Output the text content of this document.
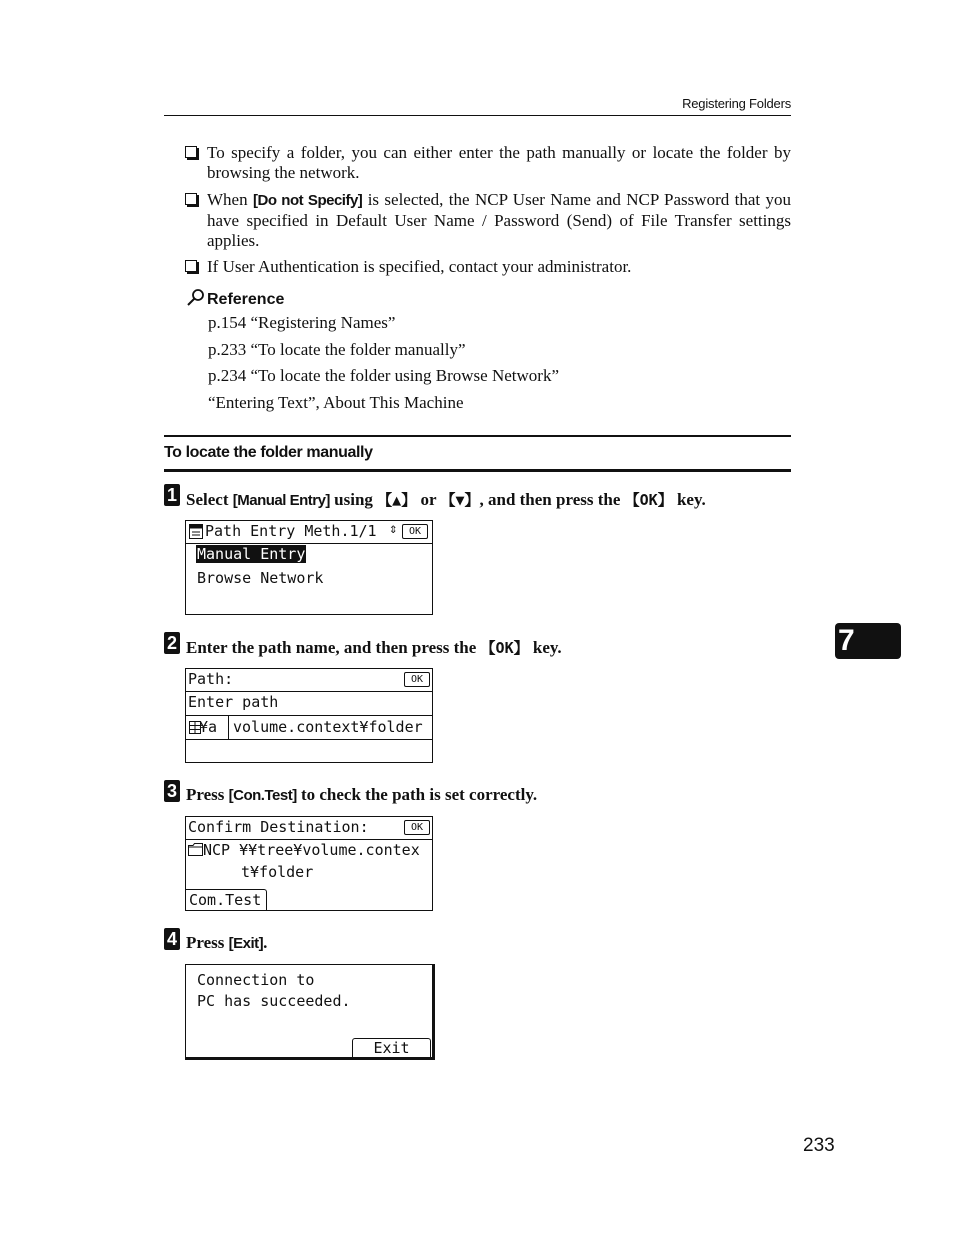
Registering Folders
To specify a folder, you can either enter the path manually or locate the folder by browsing the network.
When [Do not Specify] is selected, the NCP User Name and NCP Password that you have specified in Default User Name / Password (Send) of File Transfer settings applies.
If User Authentication is specified, contact your administrator.
Reference
p.154 “Registering Names”
p.233 “To locate the folder manually”
p.234 “To locate the folder using Browse Network”
“Entering Text”, About This Machine
To locate the folder manually
1 Select [Manual Entry] using 【▲】 or 【▼】, and then press the 【OK】 key.
Path Entry Meth.1/1 ⇕	OK
Manual Entry
Browse Network
2 Enter the path name, and then press the 【OK】 key.
Path:	OK
Enter path
¥a volume.context¥folder
3 Press [Con.Test] to check the path is set correctly.
Confirm Destination:	OK
NCP ¥¥tree¥volume.contex
t¥folder
Com.Test
4 Press [Exit].
Connection to
PC has succeeded.
Exit
7
233
